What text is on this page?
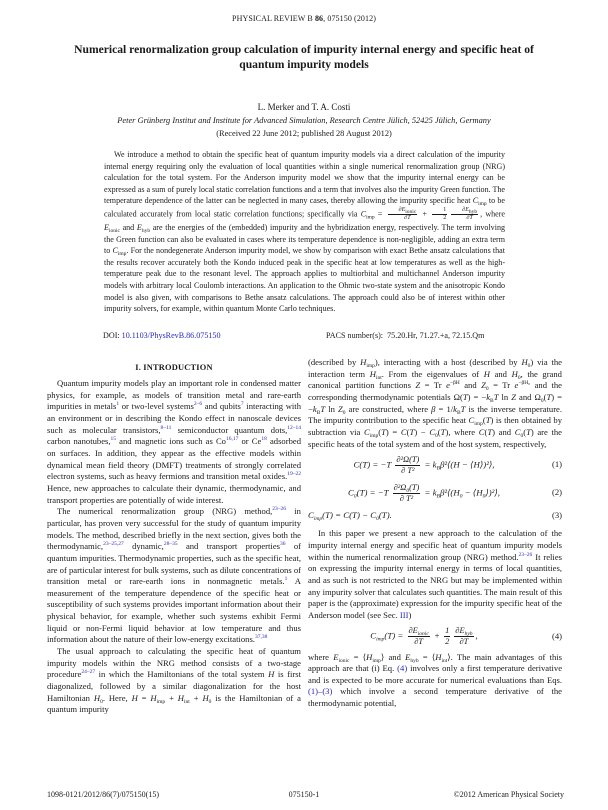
PHYSICAL REVIEW B 86, 075150 (2012)
Numerical renormalization group calculation of impurity internal energy and specific heat of quantum impurity models
L. Merker and T. A. Costi
Peter Grünberg Institut and Institute for Advanced Simulation, Research Centre Jülich, 52425 Jülich, Germany
(Received 22 June 2012; published 28 August 2012)
We introduce a method to obtain the specific heat of quantum impurity models via a direct calculation of the impurity internal energy requiring only the evaluation of local quantities within a single numerical renormalization group (NRG) calculation for the total system. For the Anderson impurity model we show that the impurity internal energy can be expressed as a sum of purely local static correlation functions and a term that involves also the impurity Green function. The temperature dependence of the latter can be neglected in many cases, thereby allowing the impurity specific heat $C_{imp}$ to be calculated accurately from local static correlation functions; specifically via $C_{imp} = \frac{\partial E_{ionic}}{\partial T} + \frac{1}{2} \frac{\partial E_{hyb}}{\partial T}$ , where $E_{ionic}$ and $E_{hyb}$ are the energies of the (embedded) impurity and the hybridization energy, respectively. The term involving the Green function can also be evaluated in cases where its temperature dependence is non-negligible, adding an extra term to $C_{imp}$. For the nondegenerate Anderson impurity model, we show by comparison with exact Bethe ansatz calculations that the results recover accurately both the Kondo induced peak in the specific heat at low temperatures as well as the high-temperature peak due to the resonant level. The approach applies to multiorbital and multichannel Anderson impurity models with arbitrary local Coulomb interactions. An application to the Ohmic two-state system and the anisotropic Kondo model is also given, with comparisons to Bethe ansatz calculations. The approach could also be of interest within other impurity solvers, for example, within quantum Monte Carlo techniques.
DOI: 10.1103/PhysRevB.86.075150	PACS number(s): 75.20.Hr, 71.27.+a, 72.15.Qm
I. INTRODUCTION

Quantum impurity models play an important role in condensed matter physics, for example, as models of transition metal and rare-earth impurities in metals$^1$ or two-level systems$^{2-6}$ and qubits$^7$ interacting with an environment or in describing the Kondo effect in nanoscale devices such as molecular transistors,$^{8-11}$ semiconductor quantum dots,$^{12-14}$ carbon nanotubes,$^{15}$ and magnetic ions such as Co$^{16,17}$ or Ce$^{18}$ adsorbed on surfaces. In addition, they appear as the effective models within dynamical mean field theory (DMFT) treatments of strongly correlated electron systems, such as heavy fermions and transition metal oxides.$^{19-22}$ Hence, new approaches to calculate their dynamic, thermodynamic, and transport properties are potentially of wide interest.

The numerical renormalization group (NRG) method,$^{23-26}$ in particular, has proven very successful for the study of quantum impurity models. The method, described briefly in the next section, gives both the thermodynamic,$^{23-25,27}$ dynamic,$^{28-35}$ and transport properties$^{36}$ of quantum impurities. Thermodynamic properties, such as the specific heat, are of particular interest for bulk systems, such as dilute concentrations of transition metal or rare-earth ions in nonmagnetic metals.$^1$ A measurement of the temperature dependence of the specific heat or susceptibility of such systems provides important information about their physical behavior, for example, whether such systems exhibit Fermi liquid or non-Fermi liquid behavior at low temperature and thus information about the nature of their low-energy excitations.$^{37,38}$

The usual approach to calculating the specific heat of quantum impurity models within the NRG method consists of a two-stage procedure$^{24-27}$ in which the Hamiltonians of the total system H is first diagonalized, followed by a similar diagonalization for the host Hamiltonian $H_0$. Here, $H = H_{imp} + H_{int} + H_0$ is the Hamiltonian of a quantum impurity

(described by $H_{imp}$), interacting with a host (described by $H_0$) via the interaction term $H_{int}$. From the eigenvalues of H and $H_0$, the grand canonical partition functions Z = Tr $e^{-\beta H}$ and $Z_0 = Tr$ $e^{-\beta H_0}$ and the corresponding thermodynamic potentials $\Omega(T) = -k_BT$ ln Z and $\Omega_0(T) = -k_BT$ $\ln Z_0$ are constructed, where $\beta = 1/k_BT$ is the inverse temperature. The impurity contribution to the specific heat $C_{imp}(T)$ is then obtained by subtraction via $C_{imp}(T) = C(T) - C_0(T)$, where C(T) and $C_0(T)$ are the specific heats of the total system and of the host system, respectively,

$C(T) = -T \frac{\text{∂²Ω(T)}}{\text{∂ T²}}$ = $k_B\beta^2⟨(H$ − ⟨H⟩)²⟩,	(1)
$C_0(T) = -T \frac{\partial^2\Omega_0(T)}{\text{∂ T²}}$ = $k_B\beta^2⟨(H_0$ − $⟨H_0⟩)^2⟩$,	(2)
$C_{imp}(T) = C(T) - C_0(T)$.	(3)

In this paper we present a new approach to the calculation of the impurity internal energy and specific heat of quantum impurity models within the numerical renormalization group (NRG) method.$^{23-26}$ It relies on expressing the impurity internal energy in terms of local quantities, and as such is not restricted to the NRG but may be implemented within any impurity solver that calculates such quantities. The main result of this paper is the (approximate) expression for the impurity specific heat of the Anderson model (see Sec. III)

$C_{imp}(T) = \frac{\partial E_{ionic}}{\partial T} + \frac{1}{2} \frac{\partial E_{hyb}}{\partial T}$ ,	(4)

where $E_{ionic}$ = $⟨H_{imp}⟩$ and $E_{hyb}$ = $⟨H_{int}⟩$. The main advantages of this approach are that (i) Eq. (4) involves only a first temperature derivative and is expected to be more accurate for numerical evaluations than Eqs. (1)–(3) which involve a second temperature derivative of the thermodynamic potential,

1098-0121/2012/86(7)/075150(15)	075150-1	©2012 American Physical Society
